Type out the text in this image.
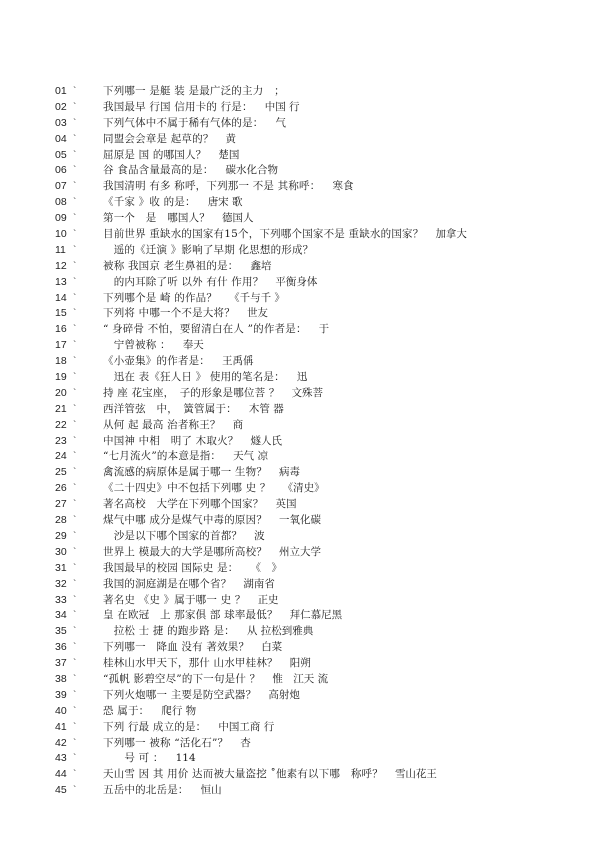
01 `	下列哪一 是艇 装 是最广泛的主力　；
02 `	我国最早 行国 信用卡的 行是： 中国 行
03 `	下列气体中不属于稀有气体的是： 气
04 `	同盟会会章是 起草的？ 黄
05 `	屈原是 国 的哪国人？ 楚国
06 `	谷 食品含量最高的是： 碳水化合物
07 `	我国清明 有多 称呼，下列那一 不是 其称呼： 寒食
08 `	《千家 》收 的是： 唐宋 歌
09 `	第一个　是　哪国人？ 德国人
10 `	目前世界 重缺水的国家有15个，下列哪个国家不是 重缺水的国家？ 加拿大
11 `	　遥的《迁演 》影响了早期 化思想的形成？
12 `	被称 我国京 老生鼻祖的是： 鑫培
13 `	　的内耳除了听 以外 有什 作用？ 平衡身体
14 `	下列哪个是 崎 的作品？ 《千与千 》
15 `	下列将 中哪一个不是大将？ 世友
16 `	“ 身碎骨 不怕，要留清白在人 ”的作者是： 于
17 `	　宁曾被称 ： 奉天
18 `	《小壶集》的作者是： 王禹偁
19 `	　迅在 表《狂人日 》 使用的笔名是： 迅
20 `	持 座 花宝座，　子的形象是哪位菩 ？ 文殊菩
21 `	西洋管弦　中，　簧管属于： 木管 器
22 `	从何 起 最高 治者称王？ 商
23 `	中国神 中相　明了 木取火？ 燧人氏
24 `	“七月流火”的本意是指： 天气 凉
25 `	禽流感的病原体是属于哪一 生物？ 病毒
26 `	《二十四史》中不包括下列哪 史 ？ 《清史》
27 `	著名高校　大学在下列哪个国家？ 英国
28 `	煤气中哪 成分是煤气中毒的原因？ 一氧化碳
29 `	　沙是以下哪个国家的首都？ 波
30 `	世界上 模最大的大学是哪所高校？ 州立大学
31 `	我国最早的校园 国际史 是： 《　》
32 `	我国的洞庭湖是在哪个省？ 湖南省
33 `	著名史 《史 》属于哪一 史 ？ 正史
34 `	皇 在欧冠　上 那家俱 部 球率最低？ 拜仁慕尼黑
35 `	　拉松 士 捷 的跑步路 是： 从 拉松到雅典
36 `	下列哪一　降血 没有 著效果？ 白菜
37 `	桂林山水甲天下，那什 山水甲桂林？ 阳朔
38 `	“孤帆 影碧空尽”的下一句是什 ？ 惟　江天 流
39 `	下列火炮哪一 主要是防空武器？ 高射炮
40 `	恐 属于： 爬行 物
41 `	下列 行最 成立的是： 中国工商 行
42 `	下列哪一 被称 “活化石”？ 杏
43 `	　　号 可 ： 114
44 `	天山雪 因 其 用价 达而被大量盗挖 ˚他素有以下哪　称呼？ 雪山花王
45 `	五岳中的北岳是： 恒山
